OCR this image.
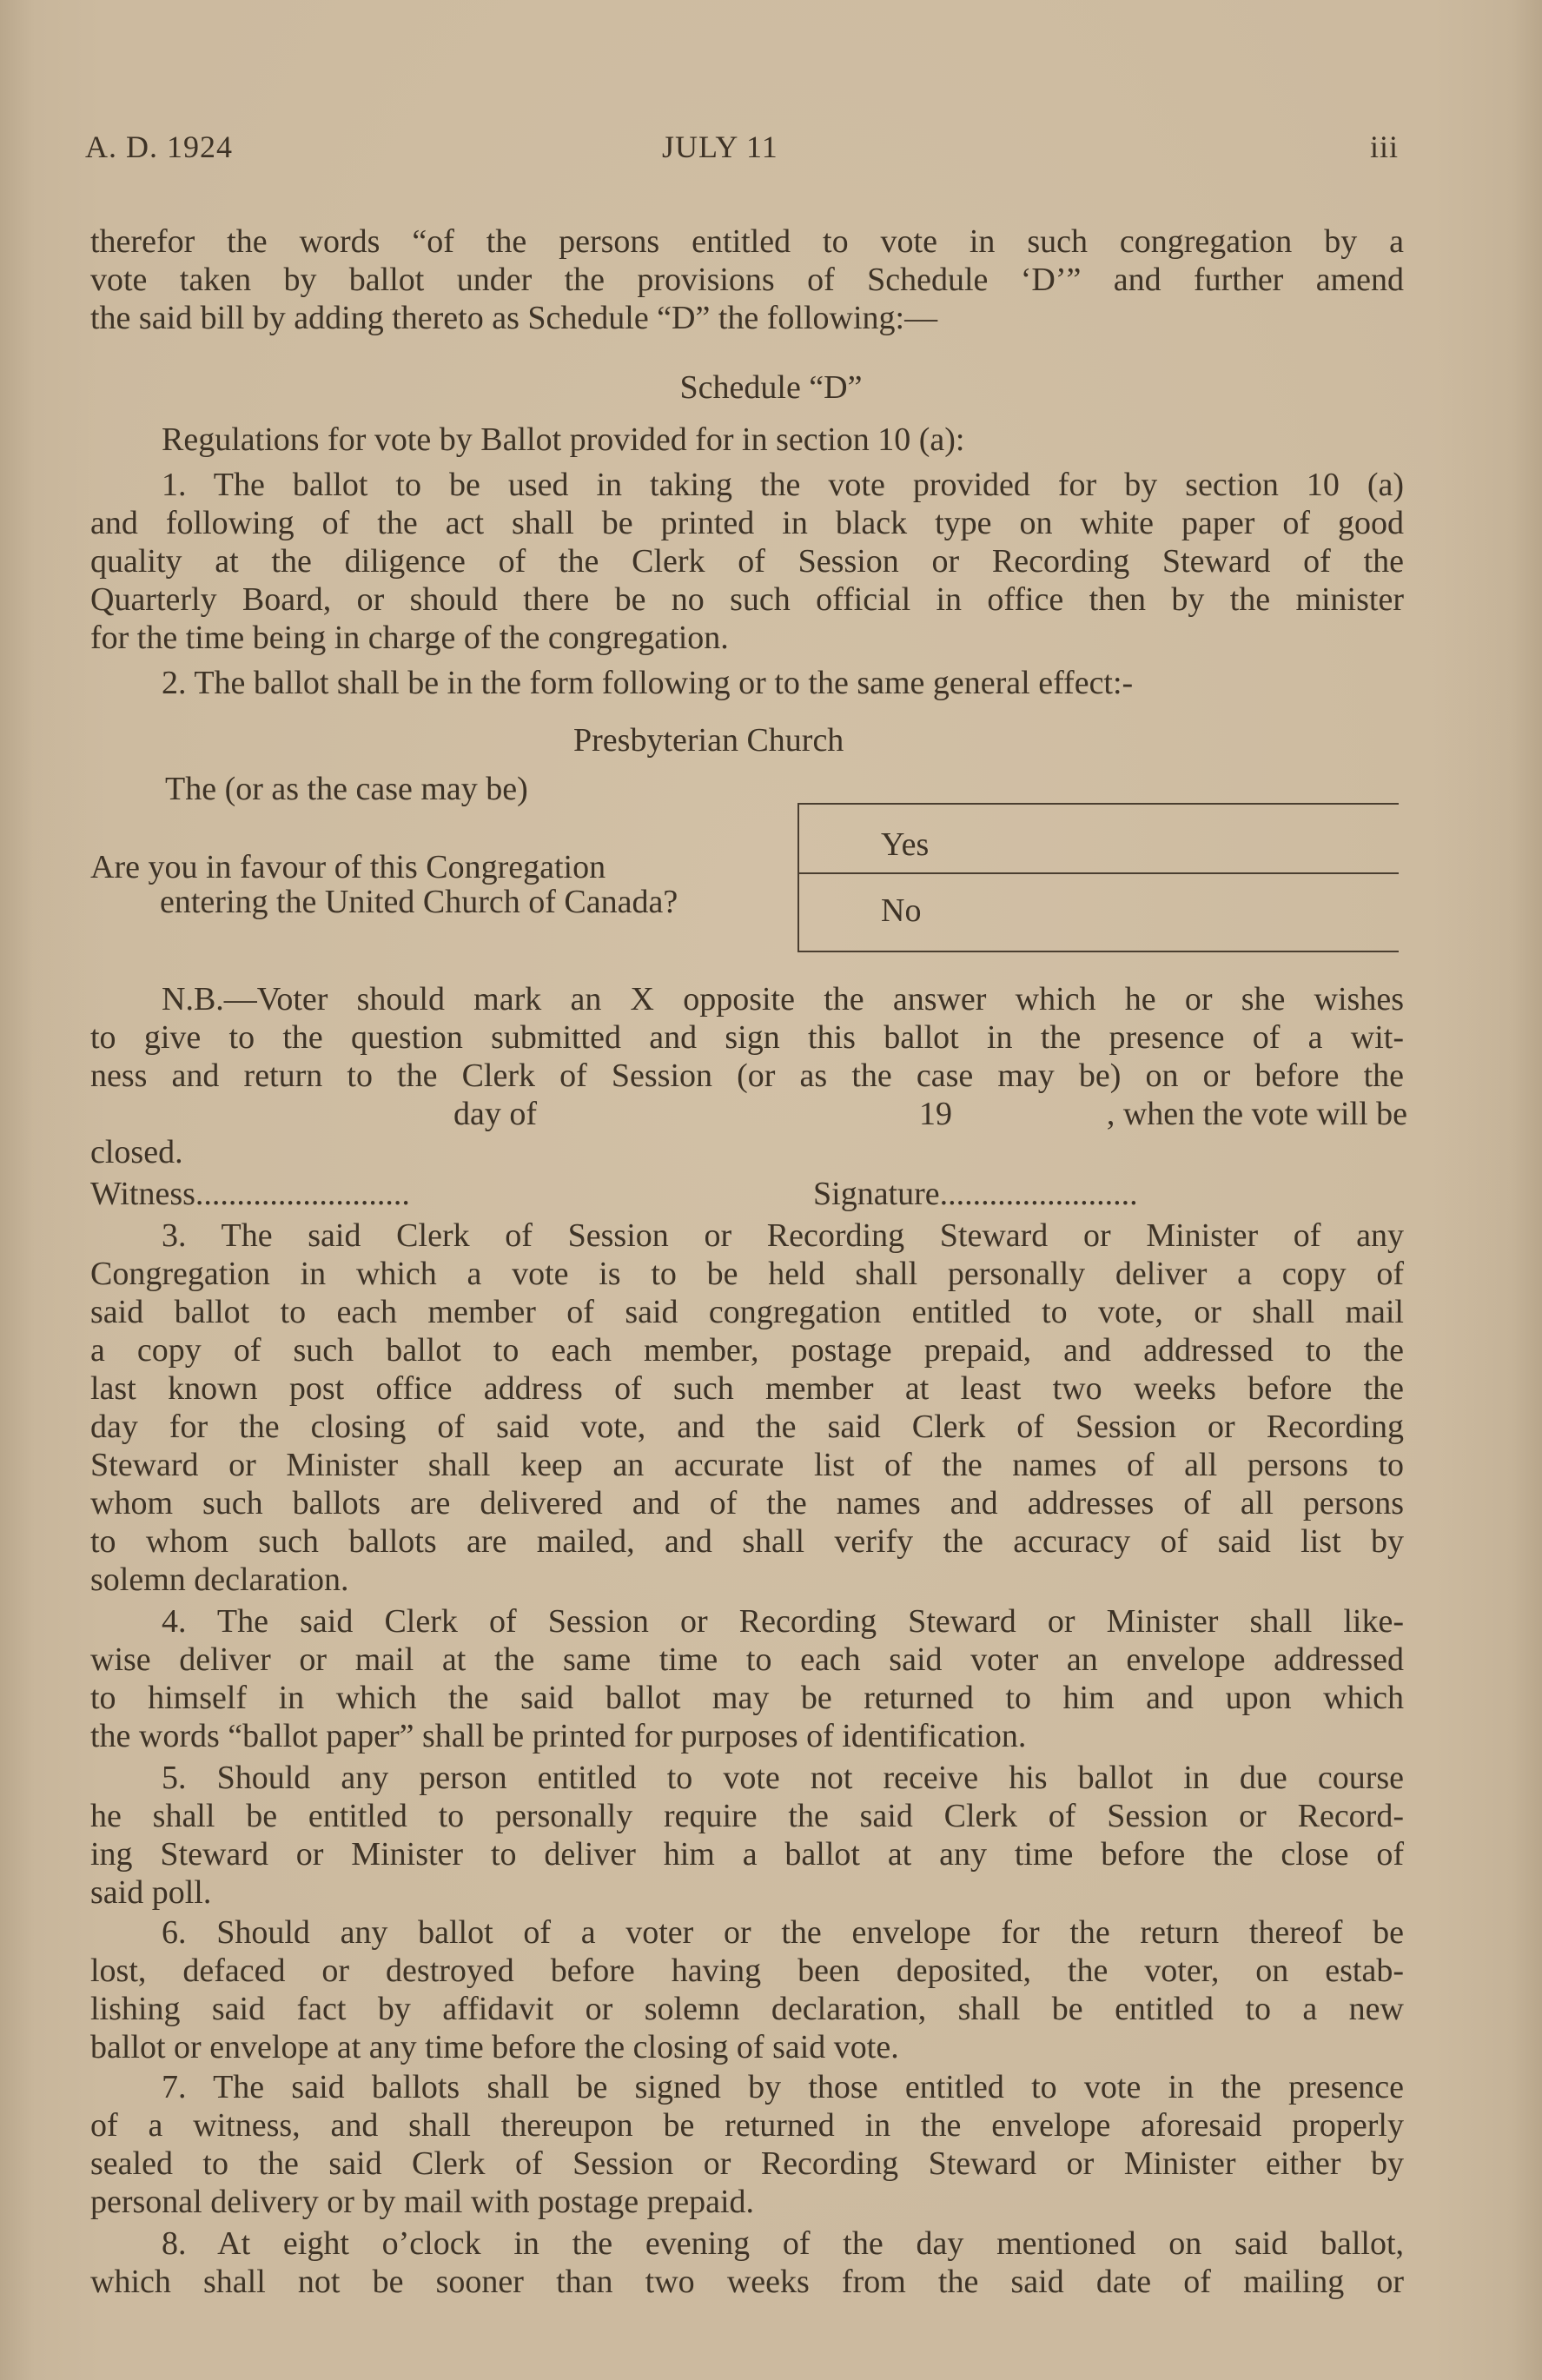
A. D. 1924	JULY 11	iii
therefor the words “of the persons entitled to vote in such congregation by a
vote taken by ballot under the provisions of Schedule ‘D’” and further amend
the said bill by adding thereto as Schedule “D” the following:—
Schedule “D”
Regulations for vote by Ballot provided for in section 10 (a):
1. The ballot to be used in taking the vote provided for by section 10 (a)
and following of the act shall be printed in black type on white paper of good
quality at the diligence of the Clerk of Session or Recording Steward of the
Quarterly Board, or should there be no such official in office then by the minister
for the time being in charge of the congregation.
2. The ballot shall be in the form following or to the same general effect:-
Presbyterian Church
The (or as the case may be)
Are you in favour of this Congregation
entering the United Church of Canada?
Yes
No
N.B.—Voter should mark an X opposite the answer which he or she wishes
to give to the question submitted and sign this ballot in the presence of a wit-
ness and return to the Clerk of Session (or as the case may be) on or before the
day of	19	, when the vote will be
closed.
Witness..........................	Signature........................
3. The said Clerk of Session or Recording Steward or Minister of any
Congregation in which a vote is to be held shall personally deliver a copy of
said ballot to each member of said congregation entitled to vote, or shall mail
a copy of such ballot to each member, postage prepaid, and addressed to the
last known post office address of such member at least two weeks before the
day for the closing of said vote, and the said Clerk of Session or Recording
Steward or Minister shall keep an accurate list of the names of all persons to
whom such ballots are delivered and of the names and addresses of all persons
to whom such ballots are mailed, and shall verify the accuracy of said list by
solemn declaration.
4. The said Clerk of Session or Recording Steward or Minister shall like-
wise deliver or mail at the same time to each said voter an envelope addressed
to himself in which the said ballot may be returned to him and upon which
the words “ballot paper” shall be printed for purposes of identification.
5. Should any person entitled to vote not receive his ballot in due course
he shall be entitled to personally require the said Clerk of Session or Record-
ing Steward or Minister to deliver him a ballot at any time before the close of
said poll.
6. Should any ballot of a voter or the envelope for the return thereof be
lost, defaced or destroyed before having been deposited, the voter, on estab-
lishing said fact by affidavit or solemn declaration, shall be entitled to a new
ballot or envelope at any time before the closing of said vote.
7. The said ballots shall be signed by those entitled to vote in the presence
of a witness, and shall thereupon be returned in the envelope aforesaid properly
sealed to the said Clerk of Session or Recording Steward or Minister either by
personal delivery or by mail with postage prepaid.
8. At eight o’clock in the evening of the day mentioned on said ballot,
which shall not be sooner than two weeks from the said date of mailing or
